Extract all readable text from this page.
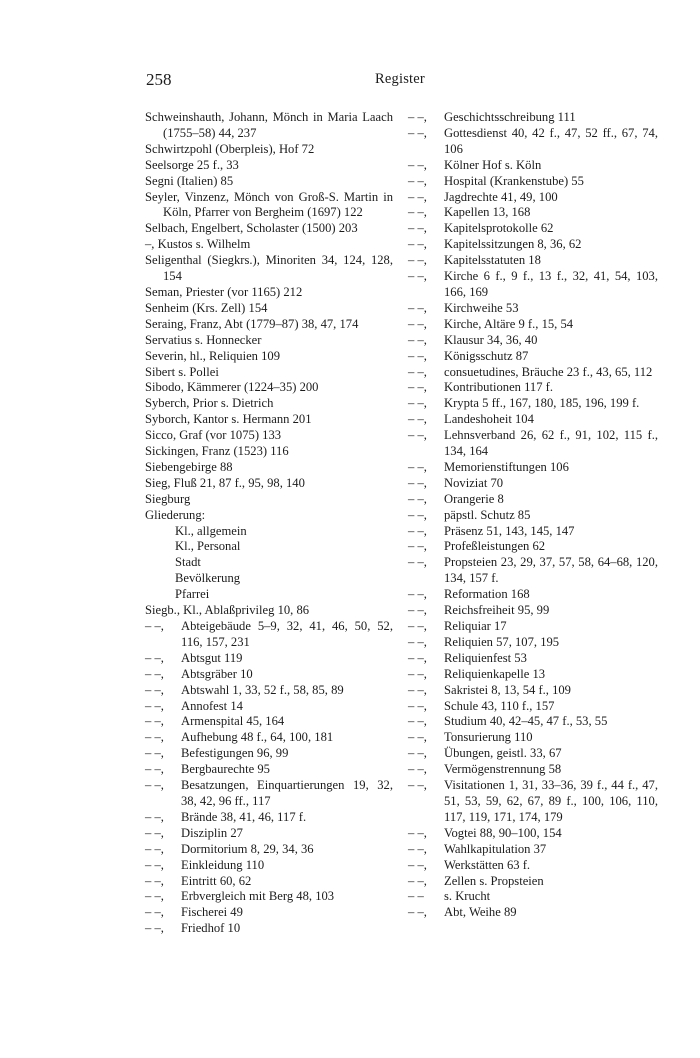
258	Register
Schweinshauth, Johann, Mönch in Maria Laach (1755–58) 44, 237
Schwirtzpohl (Oberpleis), Hof 72
Seelsorge 25 f., 33
Segni (Italien) 85
Seyler, Vinzenz, Mönch von Groß-S. Martin in Köln, Pfarrer von Bergheim (1697) 122
Selbach, Engelbert, Scholaster (1500) 203
–, Kustos s. Wilhelm
Seligenthal (Siegkrs.), Minoriten 34, 124, 128, 154
Seman, Priester (vor 1165) 212
Senheim (Krs. Zell) 154
Seraing, Franz, Abt (1779–87) 38, 47, 174
Servatius s. Honnecker
Severin, hl., Reliquien 109
Sibert s. Pollei
Sibodo, Kämmerer (1224–35) 200
Syberch, Prior s. Dietrich
Syborch, Kantor s. Hermann 201
Sicco, Graf (vor 1075) 133
Sickingen, Franz (1523) 116
Siebengebirge 88
Sieg, Fluß 21, 87 f., 95, 98, 140
Siegburg
Gliederung:
Kl., allgemein
Kl., Personal
Stadt
Bevölkerung
Pfarrei
Siegb., Kl., Ablaßprivileg 10, 86
– –, Abteigebäude 5–9, 32, 41, 46, 50, 52, 116, 157, 231
– –, Abtsgut 119
– –, Abtsgräber 10
– –, Abtswahl 1, 33, 52 f., 58, 85, 89
– –, Annofest 14
– –, Armenspital 45, 164
– –, Aufhebung 48 f., 64, 100, 181
– –, Befestigungen 96, 99
– –, Bergbaurechte 95
– –, Besatzungen, Einquartierungen 19, 32, 38, 42, 96 ff., 117
– –, Brände 38, 41, 46, 117 f.
– –, Disziplin 27
– –, Dormitorium 8, 29, 34, 36
– –, Einkleidung 110
– –, Eintritt 60, 62
– –, Erbvergleich mit Berg 48, 103
– –, Fischerei 49
– –, Friedhof 10
– –, Geschichtsschreibung 111
– –, Gottesdienst 40, 42 f., 47, 52 ff., 67, 74, 106
– –, Kölner Hof s. Köln
– –, Hospital (Krankenstube) 55
– –, Jagdrechte 41, 49, 100
– –, Kapellen 13, 168
– –, Kapitelsprotokolle 62
– –, Kapitelssitzungen 8, 36, 62
– –, Kapitelsstatuten 18
– –, Kirche 6 f., 9 f., 13 f., 32, 41, 54, 103, 166, 169
– –, Kirchweihe 53
– –, Kirche, Altäre 9 f., 15, 54
– –, Klausur 34, 36, 40
– –, Königsschutz 87
– –, consuetudines, Bräuche 23 f., 43, 65, 112
– –, Kontributionen 117 f.
– –, Krypta 5 ff., 167, 180, 185, 196, 199 f.
– –, Landeshoheit 104
– –, Lehnsverband 26, 62 f., 91, 102, 115 f., 134, 164
– –, Memorienstiftungen 106
– –, Noviziat 70
– –, Orangerie 8
– –, päpstl. Schutz 85
– –, Präsenz 51, 143, 145, 147
– –, Profeßleistungen 62
– –, Propsteien 23, 29, 37, 57, 58, 64–68, 120, 134, 157 f.
– –, Reformation 168
– –, Reichsfreiheit 95, 99
– –, Reliquiar 17
– –, Reliquien 57, 107, 195
– –, Reliquienfest 53
– –, Reliquienkapelle 13
– –, Sakristei 8, 13, 54 f., 109
– –, Schule 43, 110 f., 157
– –, Studium 40, 42–45, 47 f., 53, 55
– –, Tonsurierung 110
– –, Übungen, geistl. 33, 67
– –, Vermögenstrennung 58
– –, Visitationen 1, 31, 33–36, 39 f., 44 f., 47, 51, 53, 59, 62, 67, 89 f., 100, 106, 110, 117, 119, 171, 174, 179
– –, Vogtei 88, 90–100, 154
– –, Wahlkapitulation 37
– –, Werkstätten 63 f.
– –, Zellen s. Propsteien
– – s. Krucht
– –, Abt, Weihe 89
